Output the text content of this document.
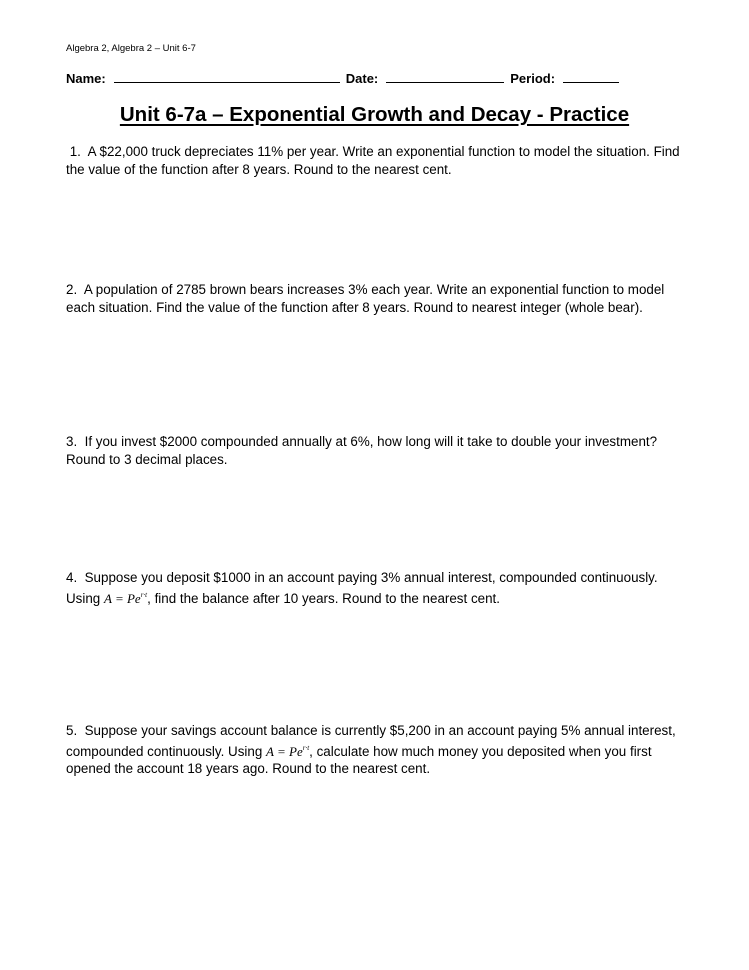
Algebra 2, Algebra 2 – Unit 6-7
Name:	Date:	Period:
Unit 6-7a – Exponential Growth and Decay - Practice
1. A $22,000 truck depreciates 11% per year. Write an exponential function to model the situation. Find the value of the function after 8 years. Round to the nearest cent.
2. A population of 2785 brown bears increases 3% each year. Write an exponential function to model each situation. Find the value of the function after 8 years. Round to nearest integer (whole bear).
3. If you invest $2000 compounded annually at 6%, how long will it take to double your investment? Round to 3 decimal places.
4. Suppose you deposit $1000 in an account paying 3% annual interest, compounded continuously. Using $A = Pe^{r\cdot t}$, find the balance after 10 years. Round to the nearest cent.
5. Suppose your savings account balance is currently $5,200 in an account paying 5% annual interest, compounded continuously. Using $A = Pe^{r\cdot t}$, calculate how much money you deposited when you first opened the account 18 years ago. Round to the nearest cent.
